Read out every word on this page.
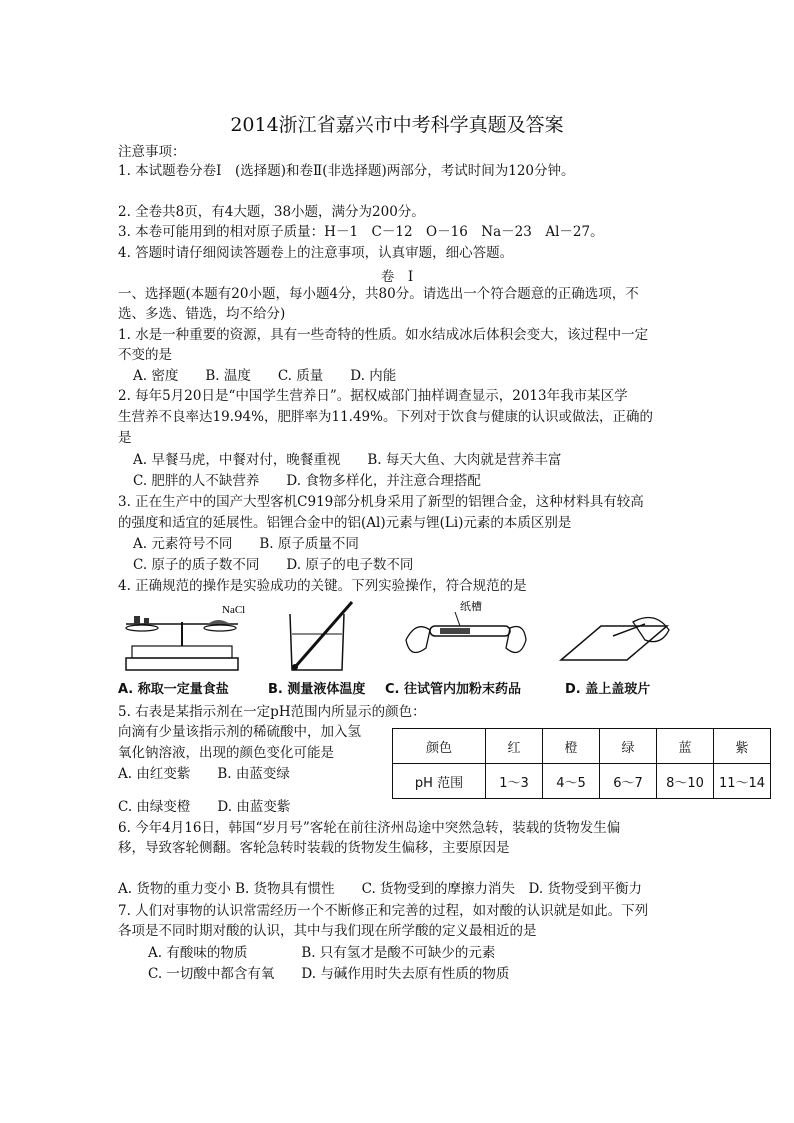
2014浙江省嘉兴市中考科学真题及答案
注意事项：
1. 本试题卷分卷Ⅰ　(选择题)和卷Ⅱ(非选择题)两部分，考试时间为120分钟。
2. 全卷共8页，有4大题，38小题，满分为200分。
3. 本卷可能用到的相对原子质量：H－1　C－12　O－16　Na－23　Al－27。
4. 答题时请仔细阅读答题卷上的注意事项，认真审题，细心答题。
卷　Ⅰ
一、选择题(本题有20小题，每小题4分，共80分。请选出一个符合题意的正确选项，不
选、多选、错选，均不给分)
1. 水是一种重要的资源，具有一些奇特的性质。如水结成冰后体积会变大，该过程中一定
不变的是
A. 密度　　B. 温度　　C. 质量　　D. 内能
2. 每年5月20日是“中国学生营养日”。据权威部门抽样调查显示，2013年我市某区学
生营养不良率达19.94%，肥胖率为11.49%。下列对于饮食与健康的认识或做法，正确的
是
A. 早餐马虎，中餐对付，晚餐重视　　B. 每天大鱼、大肉就是营养丰富
C. 肥胖的人不缺营养　　D. 食物多样化，并注意合理搭配
3. 正在生产中的国产大型客机C919部分机身采用了新型的铝锂合金，这种材料具有较高
的强度和适宜的延展性。铝锂合金中的铝(Al)元素与锂(Li)元素的本质区别是
A. 元素符号不同　　B. 原子质量不同
C. 原子的质子数不同　　D. 原子的电子数不同
4. 正确规范的操作是实验成功的关键。下列实验操作，符合规范的是
NaCl
A. 称取一定量食盐	B. 测量液体温度
纸槽
C. 往试管内加粉末药品	D. 盖上盖玻片
5. 右表是某指示剂在一定pH范围内所显示的颜色：
向滴有少量该指示剂的稀硫酸中，加入氢
氧化钠溶液，出现的颜色变化可能是
A. 由红变紫　　B. 由蓝变绿
颜色	红	橙	绿	蓝	紫
pH 范围	1～3	4～5	6～7	8～10	11～14
C. 由绿变橙　　D. 由蓝变紫
6. 今年4月16日，韩国“岁月号”客轮在前往济州岛途中突然急转，装载的货物发生偏
移，导致客轮侧翻。客轮急转时装载的货物发生偏移，主要原因是
A. 货物的重力变小 B. 货物具有惯性　　C. 货物受到的摩擦力消失　D. 货物受到平衡力
7. 人们对事物的认识常需经历一个不断修正和完善的过程，如对酸的认识就是如此。下列
各项是不同时期对酸的认识，其中与我们现在所学酸的定义最相近的是
A. 有酸味的物质　　　　B. 只有氢才是酸不可缺少的元素
C. 一切酸中都含有氧　　D. 与碱作用时失去原有性质的物质
